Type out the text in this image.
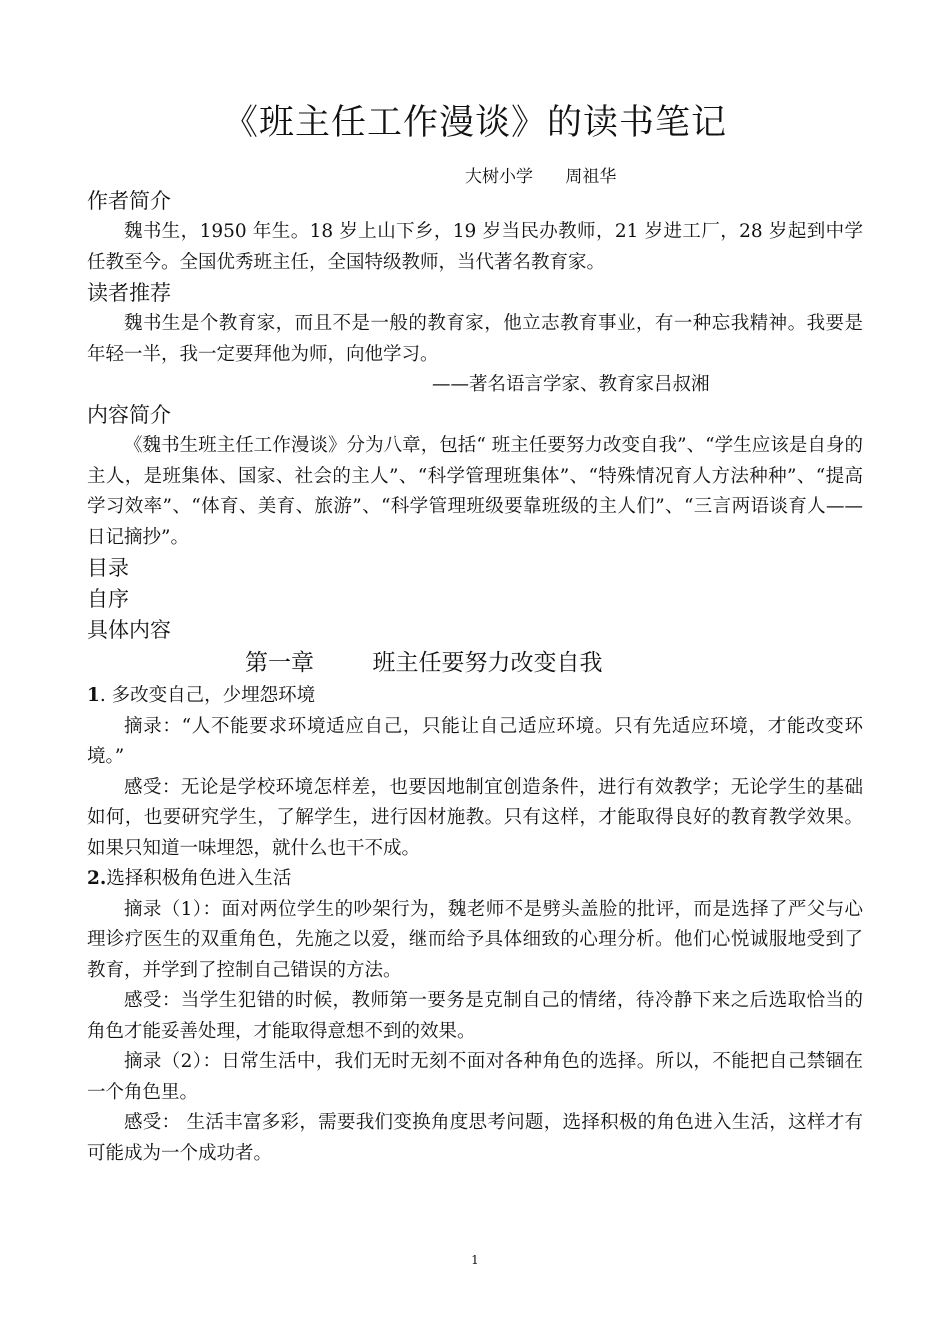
《班主任工作漫谈》的读书笔记
大树小学      周祖华

作者简介

魏书生，1950 年生。18 岁上山下乡，19 岁当民办教师，21 岁进工厂，28 岁起到中学任教至今。全国优秀班主任，全国特级教师，当代著名教育家。

读者推荐

魏书生是个教育家，而且不是一般的教育家，他立志教育事业，有一种忘我精神。我要是年轻一半，我一定要拜他为师，向他学习。

——著名语言学家、教育家吕叔湘

内容简介

《魏书生班主任工作漫谈》分为八章，包括“ 班主任要努力改变自我”、“学生应该是自身的主人，是班集体、国家、社会的主人”、“科学管理班集体”、“特殊情况育人方法种种”、“提高学习效率”、“体育、美育、旅游”、“科学管理班级要靠班级的主人们”、“三言两语谈育人——日记摘抄”。

目录

自序

具体内容

第一章        班主任要努力改变自我

1. 多改变自己，少埋怨环境

摘录：“人不能要求环境适应自己，只能让自己适应环境。只有先适应环境，才能改变环境。”

感受：无论是学校环境怎样差，也要因地制宜创造条件，进行有效教学；无论学生的基础如何，也要研究学生，了解学生，进行因材施教。只有这样，才能取得良好的教育教学效果。如果只知道一味埋怨，就什么也干不成。

2.选择积极角色进入生活

摘录（1）：面对两位学生的吵架行为，魏老师不是劈头盖脸的批评，而是选择了严父与心理诊疗医生的双重角色，先施之以爱，继而给予具体细致的心理分析。他们心悦诚服地受到了教育，并学到了控制自己错误的方法。

感受：当学生犯错的时候，教师第一要务是克制自己的情绪，待冷静下来之后选取恰当的角色才能妥善处理，才能取得意想不到的效果。

摘录（2）：日常生活中，我们无时无刻不面对各种角色的选择。所以，不能把自己禁锢在一个角色里。

感受： 生活丰富多彩，需要我们变换角度思考问题，选择积极的角色进入生活，这样才有可能成为一个成功者。

1
